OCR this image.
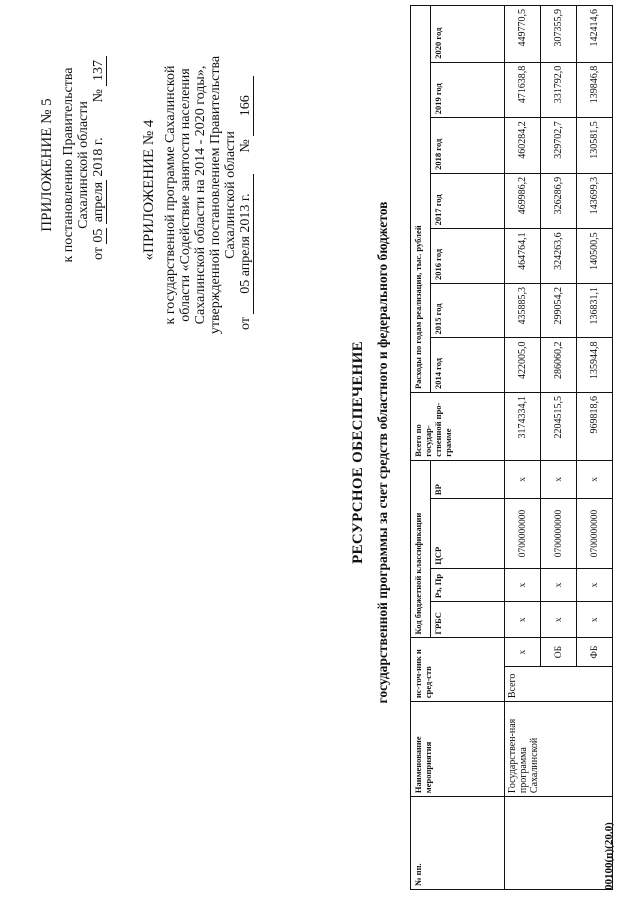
ПРИЛОЖЕНИЕ № 5 к постановлению Правительства Сахалинской области
от 05 апреля 2018 г.          № 137
«ПРИЛОЖЕНИЕ № 4 к государственной программе Сахалинской области «Содействие занятости населения Сахалинской области на 2014 - 2020 годы», утвержденной постановлением Правительства Сахалинской области
от 05 апреля 2013 г.      № 166
РЕСУРСНОЕ ОБЕСПЕЧЕНИЕ государственной программы за счет средств областного и федерального бюджетов
№ пп.	Наименование мероприятия	ис-точ-ник и сред-ств		Код бюджетной классификации				Всего по государ-ственной про-грамме	Расходы по годам реализации, тыс. рублей						
				ГРБС	Рз, Пр	ЦСР	ВР		2014 год	2015 год	2016 год	2017 год	2018 год	2019 год	2020 год
	Государствен-ная программа Сахалинской	Всего	x	x	x	0700000000	x	3174334,1	422005,0	435885,3	464764,1	469986,2	460284,2	471638,8	449770,5
			ОБ	x	x	0700000000	x	2204515,5	286060,2	299054,2	324263,6	326286,9	329702,7	331792,0	307355,9
			ФБ	x	x	0700000000	x	969818,6	135944,8	136831,1	140500,5	143699,3	130581,5	139846,8	142414,6
00100(п)(20.0)
